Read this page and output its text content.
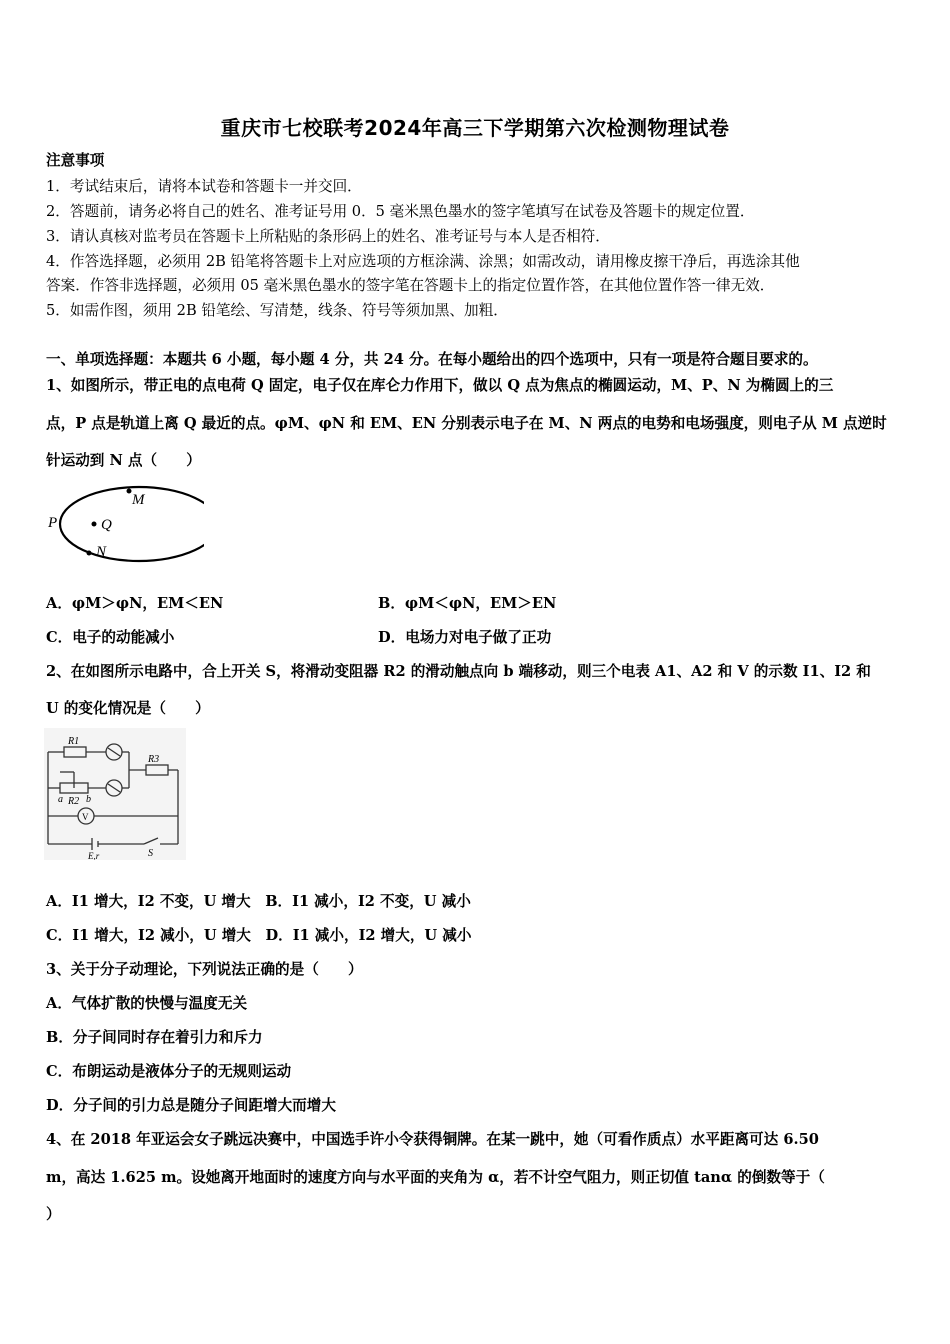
重庆市七校联考2024年高三下学期第六次检测物理试卷
注意事项
1．考试结束后，请将本试卷和答题卡一并交回．
2．答题前，请务必将自己的姓名、准考证号用 0．5 毫米黑色墨水的签字笔填写在试卷及答题卡的规定位置．
3．请认真核对监考员在答题卡上所粘贴的条形码上的姓名、准考证号与本人是否相符．
4．作答选择题，必须用 2B 铅笔将答题卡上对应选项的方框涂满、涂黑；如需改动，请用橡皮擦干净后，再选涂其他
答案．作答非选择题，必须用 05 毫米黑色墨水的签字笔在答题卡上的指定位置作答，在其他位置作答一律无效．
5．如需作图，须用 2B 铅笔绘、写清楚，线条、符号等须加黑、加粗．
一、单项选择题：本题共 6 小题，每小题 4 分，共 24 分。在每小题给出的四个选项中，只有一项是符合题目要求的。
1、如图所示，带正电的点电荷 Q 固定，电子仅在库仑力作用下，做以 Q 点为焦点的椭圆运动，M、P、N 为椭圆上的三
点，P 点是轨道上离 Q 最近的点。φM、φN 和 EM、EN 分别表示电子在 M、N 两点的电势和电场强度，则电子从 M 点逆时
针运动到 N 点（　　）
M
P	Q
N
A．φM＞φN，EM＜EN	B．φM＜φN，EM＞EN
C．电子的动能减小	D．电场力对电子做了正功
2、在如图所示电路中，合上开关 S，将滑动变阻器 R2 的滑动触点向 b 端移动，则三个电表 A1、A2 和 V 的示数 I1、I2 和
U 的变化情况是（　　）
R1
R3
a R2 b
V
S
E,r
A．I1 增大，I2 不变，U 增大　B．I1 减小，I2 不变，U 减小
C．I1 增大，I2 减小，U 增大　D．I1 减小，I2 增大，U 减小
3、关于分子动理论，下列说法正确的是（　　）
A．气体扩散的快慢与温度无关
B．分子间同时存在着引力和斥力
C．布朗运动是液体分子的无规则运动
D．分子间的引力总是随分子间距增大而增大
4、在 2018 年亚运会女子跳远决赛中，中国选手许小令获得铜牌。在某一跳中，她（可看作质点）水平距离可达 6.50
m，高达 1.625 m。设她离开地面时的速度方向与水平面的夹角为 α，若不计空气阻力，则正切值 tanα 的倒数等于（
）
